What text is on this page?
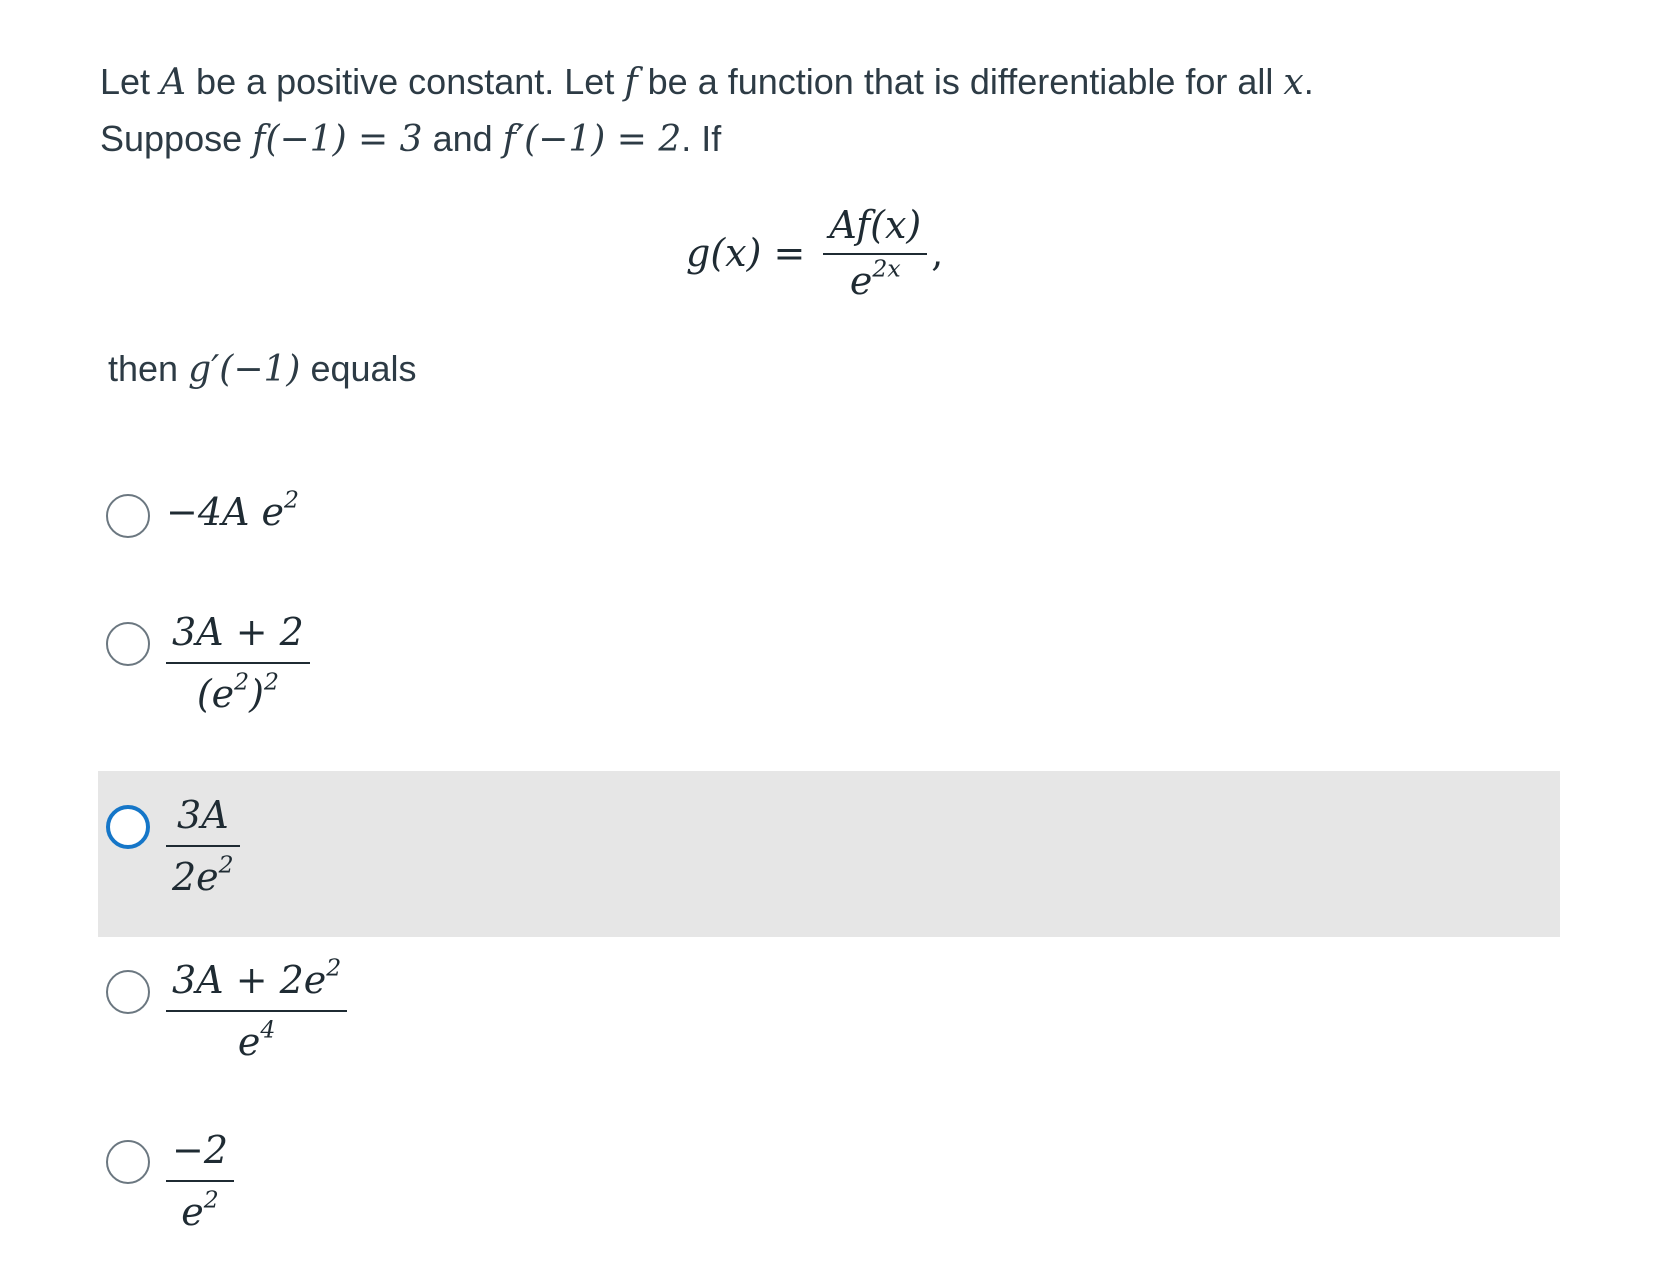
Let A be a positive constant. Let f be a function that is differentiable for all x.
Suppose f(−1) = 3 and f′(−1) = 2. If
$g(x) = \frac{Af(x)}{e^{2x}}$ ,
then g′(−1) equals
−4A $e^2$
$\frac{3A + 2}{(e^2)^2}$
$\frac{3A}{2e^2}$
$\frac{3A + 2e^2}{e^4}$
$\frac{-2}{e^2}$
